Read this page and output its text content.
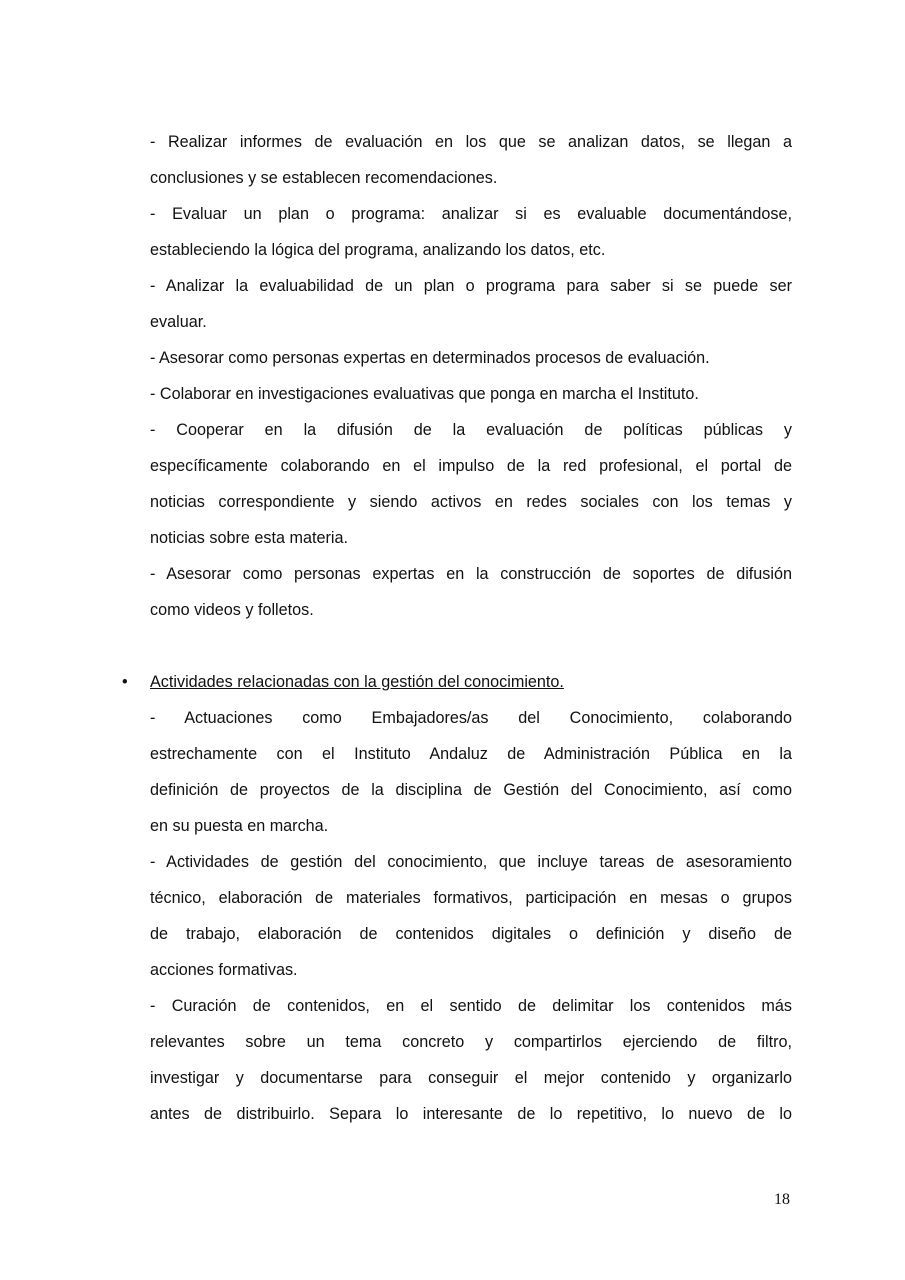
- Realizar informes de evaluación en los que se analizan datos, se llegan a
conclusiones y se establecen recomendaciones.
- Evaluar un plan o programa: analizar si es evaluable documentándose,
estableciendo la lógica del programa, analizando los datos, etc.
- Analizar la evaluabilidad de un plan o programa para saber si se puede ser
evaluar.
- Asesorar como personas expertas en determinados procesos de evaluación.
- Colaborar en investigaciones evaluativas que ponga en marcha el Instituto.
- Cooperar en la difusión de la evaluación de políticas públicas y
específicamente colaborando en el impulso de la red profesional, el portal de
noticias correspondiente y siendo activos en redes sociales con los temas y
noticias sobre esta materia.
- Asesorar como personas expertas en la construcción de soportes de difusión
como videos y folletos.
• Actividades relacionadas con la gestión del conocimiento.
- Actuaciones como Embajadores/as del Conocimiento, colaborando
estrechamente con el Instituto Andaluz de Administración Pública en la
definición de proyectos de la disciplina de Gestión del Conocimiento, así como
en su puesta en marcha.
- Actividades de gestión del conocimiento, que incluye tareas de asesoramiento
técnico, elaboración de materiales formativos, participación en mesas o grupos
de trabajo, elaboración de contenidos digitales o definición y diseño de
acciones formativas.
- Curación de contenidos, en el sentido de delimitar los contenidos más
relevantes sobre un tema concreto y compartirlos ejerciendo de filtro,
investigar y documentarse para conseguir el mejor contenido y organizarlo
antes de distribuirlo. Separa lo interesante de lo repetitivo, lo nuevo de lo
18
